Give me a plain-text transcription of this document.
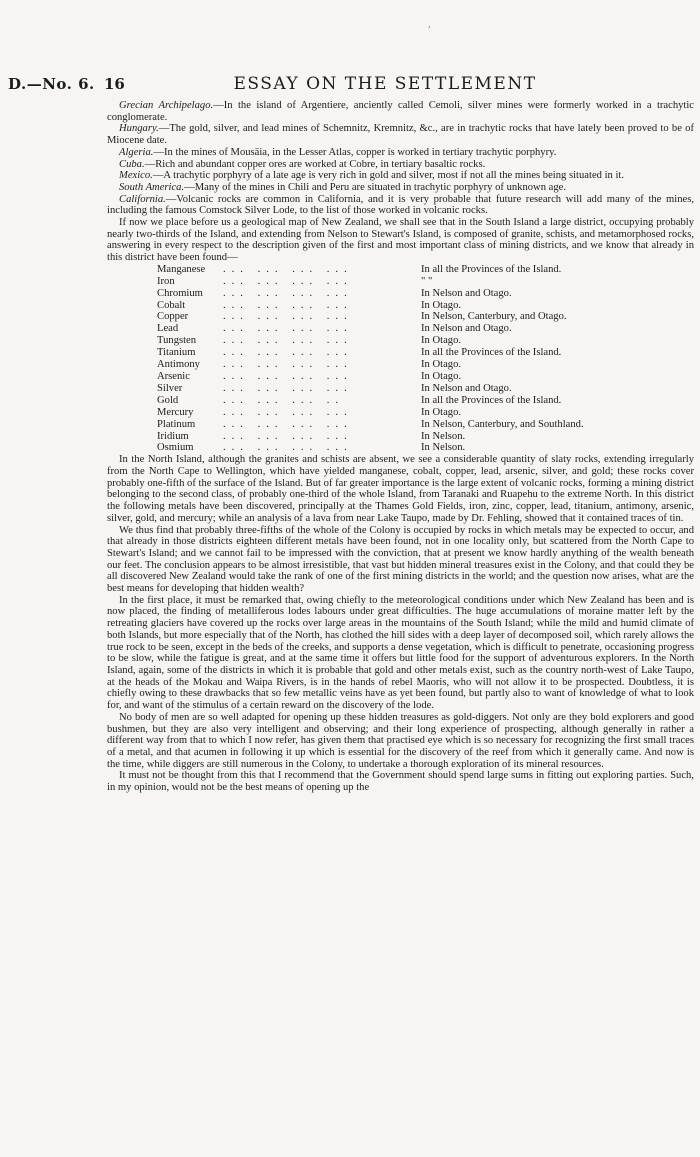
,
D.—No. 6. 16	ESSAY ON THE SETTLEMENT

Grecian Archipelago.—In the island of Argentiere, anciently called Cemoli, silver mines were formerly worked in a trachytic conglomerate.

Hungary.—The gold, silver, and lead mines of Schemnitz, Kremnitz, &c., are in trachytic rocks that have lately been proved to be of Miocene date.

Algeria.—In the mines of Mousäia, in the Lesser Atlas, copper is worked in tertiary trachytic porphyry.

Cuba.—Rich and abundant copper ores are worked at Cobre, in tertiary basaltic rocks.

Mexico.—A trachytic porphyry of a late age is very rich in gold and silver, most if not all the mines being situated in it.

South America.—Many of the mines in Chili and Peru are situated in trachytic porphyry of unknown age.

California.—Volcanic rocks are common in California, and it is very probable that future research will add many of the mines, including the famous Comstock Silver Lode, to the list of those worked in volcanic rocks.

If now we place before us a geological map of New Zealand, we shall see that in the South Island a large district, occupying probably nearly two-thirds of the Island, and extending from Nelson to Stewart's Island, is composed of granite, schists, and metamorphosed rocks, answering in every respect to the description given of the first and most important class of mining districts, and we know that already in this district have been found—

Manganese	... ... ... ...	In all the Provinces of the Island.
Iron	... ... ... ...	" "
Chromium	... ... ... ...	In Nelson and Otago.
Cobalt	... ... ... ...	In Otago.
Copper	... ... ... ...	In Nelson, Canterbury, and Otago.
Lead	... ... ... ...	In Nelson and Otago.
Tungsten	... ... ... ...	In Otago.
Titanium	... ... ... ...	In all the Provinces of the Island.
Antimony	... ... ... ...	In Otago.
Arsenic	... ... ... ...	In Otago.
Silver	... ... ... ...	In Nelson and Otago.
Gold	... ... ... ..	In all the Provinces of the Island.
Mercury	... ... ... ...	In Otago.
Platinum	... ... ... ...	In Nelson, Canterbury, and Southland.
Iridium	... ... ... ...	In Nelson.
Osmium	... ... ... ...	In Nelson.

In the North Island, although the granites and schists are absent, we see a considerable quantity of slaty rocks, extending irregularly from the North Cape to Wellington, which have yielded manganese, cobalt, copper, lead, arsenic, silver, and gold; these rocks cover probably one-fifth of the surface of the Island. But of far greater importance is the large extent of volcanic rocks, forming a mining district belonging to the second class, of probably one-third of the whole Island, from Taranaki and Ruapehu to the extreme North. In this district the following metals have been discovered, principally at the Thames Gold Fields, iron, zinc, copper, lead, titanium, antimony, arsenic, silver, gold, and mercury; while an analysis of a lava from near Lake Taupo, made by Dr. Fehling, showed that it contained traces of tin.

We thus find that probably three-fifths of the whole of the Colony is occupied by rocks in which metals may be expected to occur, and that already in those districts eighteen different metals have been found, not in one locality only, but scattered from the North Cape to Stewart's Island; and we cannot fail to be impressed with the conviction, that at present we know hardly anything of the wealth beneath our feet. The conclusion appears to be almost irresistible, that vast but hidden mineral treasures exist in the Colony, and that could they be all discovered New Zealand would take the rank of one of the first mining districts in the world; and the question now arises, what are the best means for developing that hidden wealth?

In the first place, it must be remarked that, owing chiefly to the meteorological conditions under which New Zealand has been and is now placed, the finding of metalliferous lodes labours under great difficulties. The huge accumulations of moraine matter left by the retreating glaciers have covered up the rocks over large areas in the mountains of the South Island; while the mild and humid climate of both Islands, but more especially that of the North, has clothed the hill sides with a deep layer of decomposed soil, which rarely allows the true rock to be seen, except in the beds of the creeks, and supports a dense vegetation, which is difficult to penetrate, occasioning progress to be slow, while the fatigue is great, and at the same time it offers but little food for the support of adventurous explorers. In the North Island, again, some of the districts in which it is probable that gold and other metals exist, such as the country north-west of Lake Taupo, at the heads of the Mokau and Waipa Rivers, is in the hands of rebel Maoris, who will not allow it to be prospected. Doubtless, it is chiefly owing to these drawbacks that so few metallic veins have as yet been found, but partly also to want of knowledge of what to look for, and want of the stimulus of a certain reward on the discovery of the lode.

No body of men are so well adapted for opening up these hidden treasures as gold-diggers. Not only are they bold explorers and good bushmen, but they are also very intelligent and observing; and their long experience of prospecting, although generally in rather a different way from that to which I now refer, has given them that practised eye which is so necessary for recognizing the first small traces of a metal, and that acumen in following it up which is essential for the discovery of the reef from which it generally came. And now is the time, while diggers are still numerous in the Colony, to undertake a thorough exploration of its mineral resources.

It must not be thought from this that I recommend that the Government should spend large sums in fitting out exploring parties. Such, in my opinion, would not be the best means of opening up the
